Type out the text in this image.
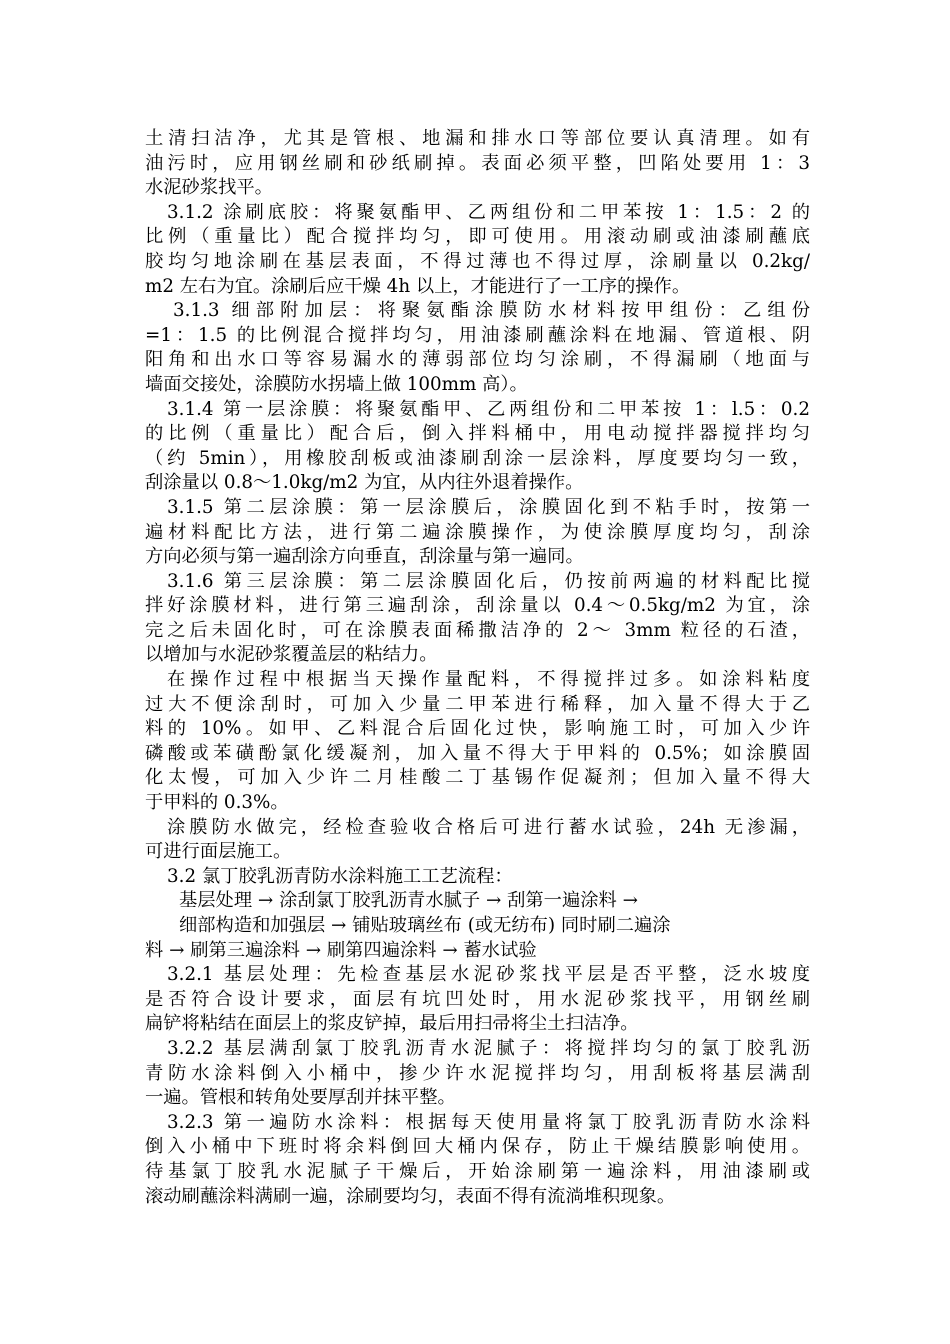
土清扫洁净，尤其是管根、地漏和排水口等部位要认真清理。如有
油污时，应用钢丝刷和砂纸刷掉。表面必须平整，凹陷处要用 1：3
水泥砂浆找平。
3.1.2 涂刷底胶：将聚氨酯甲、乙两组份和二甲苯按 1：1.5：2 的
比例（重量比）配合搅拌均匀，即可使用。用滚动刷或油漆刷蘸底
胶均匀地涂刷在基层表面，不得过薄也不得过厚，涂刷量以 0.2kg/
m2 左右为宜。涂刷后应干燥 4h 以上，才能进行了一工序的操作。
3.1.3 细部附加层：将聚氨酯涂膜防水材料按甲组份：乙组份
=1：1.5 的比例混合搅拌均匀，用油漆刷蘸涂料在地漏、管道根、阴
阳角和出水口等容易漏水的薄弱部位均匀涂刷，不得漏刷（地面与
墙面交接处，涂膜防水拐墙上做 100mm 高）。
3.1.4 第一层涂膜：将聚氨酯甲、乙两组份和二甲苯按 1：l.5：0.2
的比例（重量比）配合后，倒入拌料桶中，用电动搅拌器搅拌均匀
（约 5min），用橡胶刮板或油漆刷刮涂一层涂料，厚度要均匀一致，
刮涂量以 0.8～1.0kg/m2 为宜，从内往外退着操作。
3.1.5 第二层涂膜：第一层涂膜后，涂膜固化到不粘手时，按第一
遍材料配比方法，进行第二遍涂膜操作，为使涂膜厚度均匀，刮涂
方向必须与第一遍刮涂方向垂直，刮涂量与第一遍同。
3.1.6 第三层涂膜：第二层涂膜固化后，仍按前两遍的材料配比搅
拌好涂膜材料，进行第三遍刮涂，刮涂量以 0.4～0.5kg/m2 为宜，涂
完之后未固化时，可在涂膜表面稀撒洁净的 2～ 3mm 粒径的石渣，
以增加与水泥砂浆覆盖层的粘结力。
在操作过程中根据当天操作量配料，不得搅拌过多。如涂料粘度
过大不便涂刮时，可加入少量二甲苯进行稀释，加入量不得大于乙
料的 10%。如甲、乙料混合后固化过快，影响施工时，可加入少许
磷酸或苯磺酚氯化缓凝剂，加入量不得大于甲料的 0.5%；如涂膜固
化太慢，可加入少许二月桂酸二丁基锡作促凝剂；但加入量不得大
于甲料的 0.3%。
涂膜防水做完，经检查验收合格后可进行蓄水试验，24h 无渗漏，
可进行面层施工。
3.2 氯丁胶乳沥青防水涂料施工工艺流程：
基层处理 → 涂刮氯丁胶乳沥青水腻子 → 刮第一遍涂料 →
细部构造和加强层 → 铺贴玻璃丝布 (或无纺布) 同时刷二遍涂
料 → 刷第三遍涂料 → 刷第四遍涂料 → 蓄水试验
3.2.1 基层处理：先检查基层水泥砂浆找平层是否平整，泛水坡度
是否符合设计要求，面层有坑凹处时，用水泥砂浆找平，用钢丝刷
扁铲将粘结在面层上的浆皮铲掉，最后用扫帚将尘土扫洁净。
3.2.2 基层满刮氯丁胶乳沥青水泥腻子：将搅拌均匀的氯丁胶乳沥
青防水涂料倒入小桶中，掺少许水泥搅拌均匀，用刮板将基层满刮
一遍。管根和转角处要厚刮并抹平整。
3.2.3 第一遍防水涂料：根据每天使用量将氯丁胶乳沥青防水涂料
倒入小桶中下班时将余料倒回大桶内保存，防止干燥结膜影响使用。
待基氯丁胶乳水泥腻子干燥后，开始涂刷第一遍涂料，用油漆刷或
滚动刷蘸涂料满刷一遍，涂刷要均匀，表面不得有流淌堆积现象。
